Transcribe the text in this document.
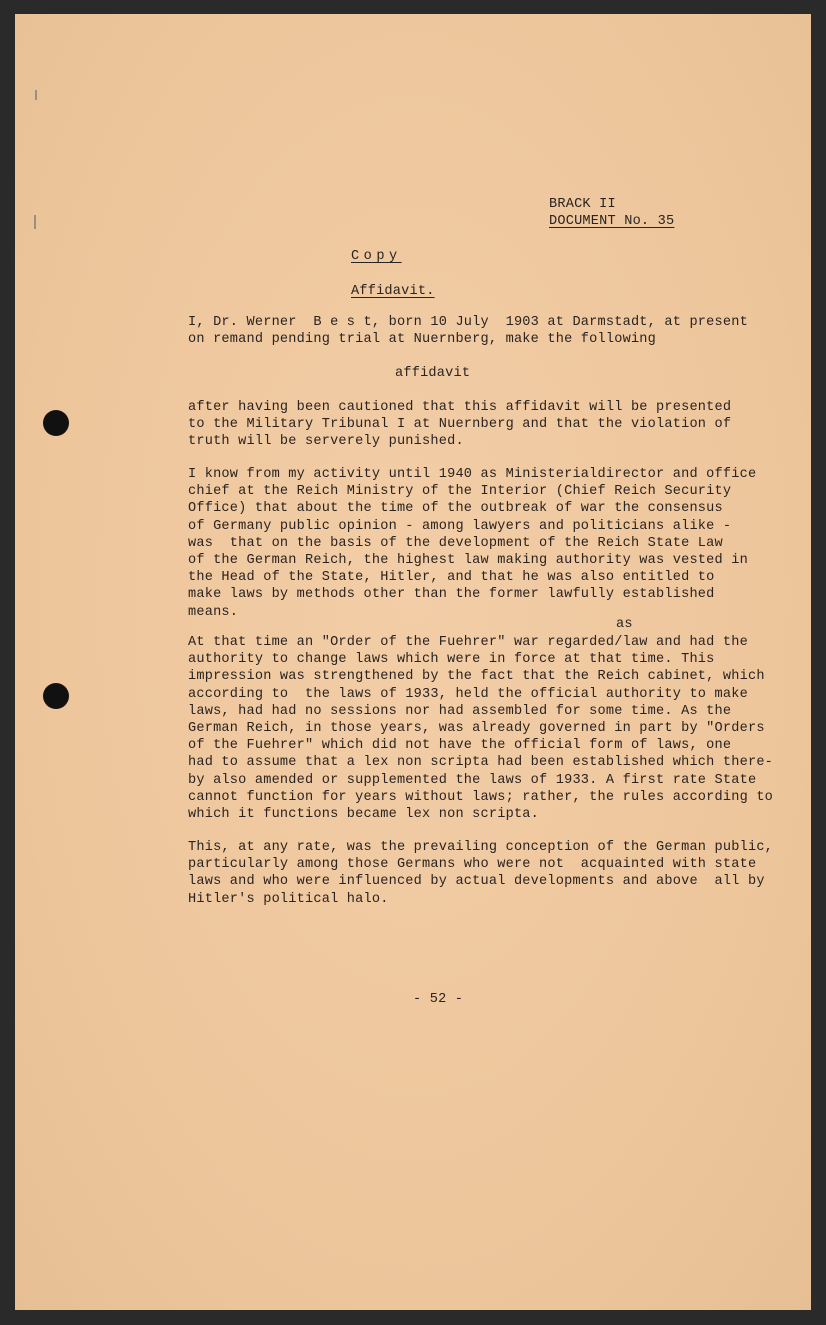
BRACK II
DOCUMENT No. 35
Copy
Affidavit.
I, Dr. Werner  B e s t, born 10 July  1903 at Darmstadt, at present
on remand pending trial at Nuernberg, make the following
affidavit
after having been cautioned that this affidavit will be presented
to the Military Tribunal I at Nuernberg and that the violation of
truth will be serverely punished.
I know from my activity until 1940 as Ministerialdirector and office
chief at the Reich Ministry of the Interior (Chief Reich Security
Office) that about the time of the outbreak of war the consensus
of Germany public opinion - among lawyers and politicians alike -
was  that on the basis of the development of the Reich State Law
of the German Reich, the highest law making authority was vested in
the Head of the State, Hitler, and that he was also entitled to
make laws by methods other than the former lawfully established
means.
as
At that time an "Order of the Fuehrer" war regarded/law and had the
authority to change laws which were in force at that time. This
impression was strengthened by the fact that the Reich cabinet, which
according to  the laws of 1933, held the official authority to make
laws, had had no sessions nor had assembled for some time. As the
German Reich, in those years, was already governed in part by "Orders
of the Fuehrer" which did not have the official form of laws, one
had to assume that a lex non scripta had been established which there-
by also amended or supplemented the laws of 1933. A first rate State
cannot function for years without laws; rather, the rules according to
which it functions became lex non scripta.
This, at any rate, was the prevailing conception of the German public,
particularly among those Germans who were not  acquainted with state
laws and who were influenced by actual developments and above  all by
Hitler's political halo.
- 52 -
